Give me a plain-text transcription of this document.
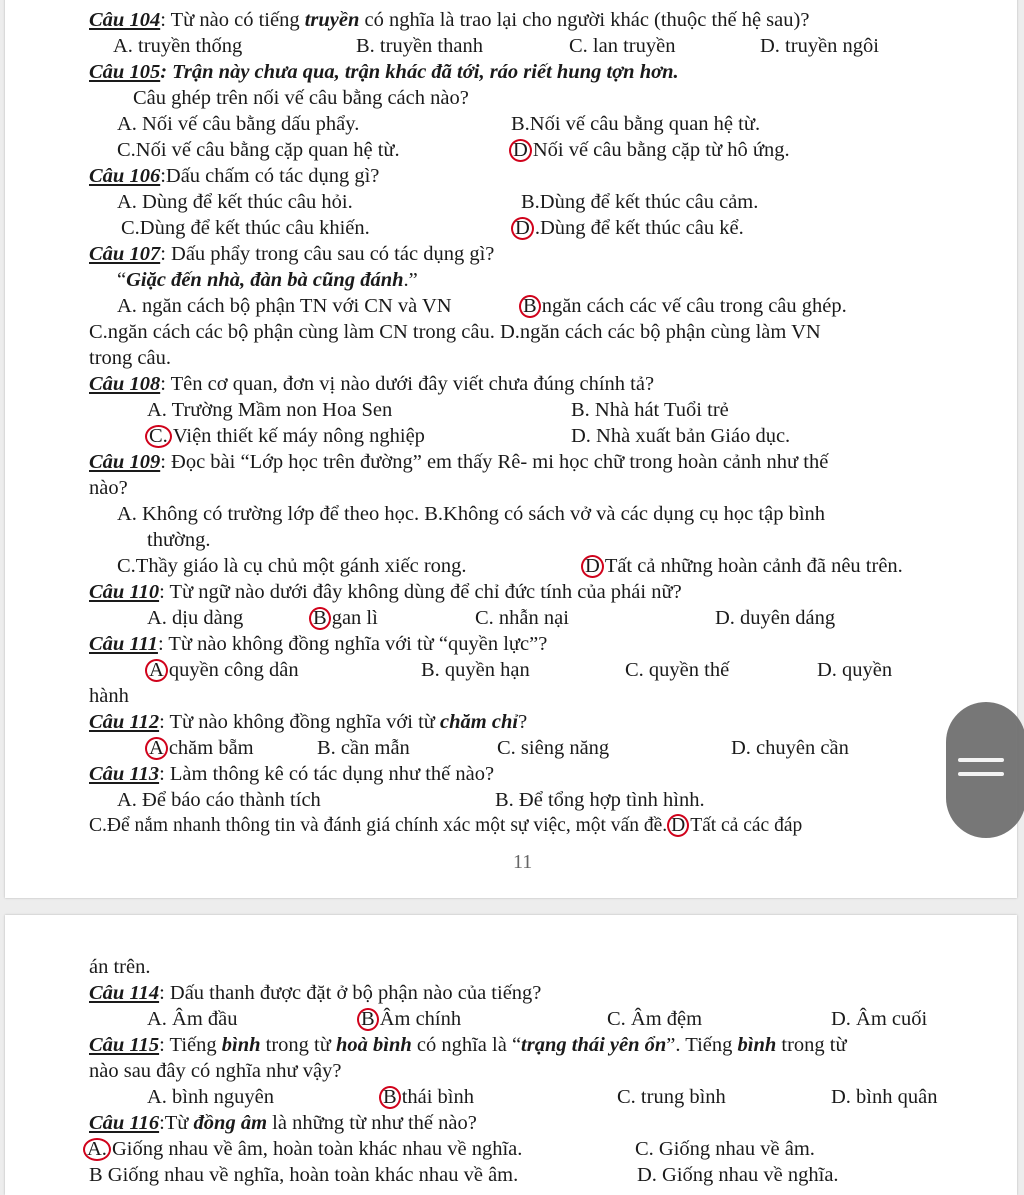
Câu 104: Từ nào có tiếng truyền có nghĩa là trao lại cho người khác (thuộc thế hệ sau)?
A. truyền thống	B. truyền thanh	C. lan truyền	D. truyền ngôi
Câu 105: Trận này chưa qua, trận khác đã tới, ráo riết hung tợn hơn.
Câu ghép trên nối vế câu bằng cách nào?
A. Nối vế câu bằng dấu phẩy.	B.Nối vế câu bằng quan hệ từ.
C.Nối vế câu bằng cặp quan hệ từ.	D Nối vế câu bằng cặp từ hô ứng.
Câu 106:Dấu chấm có tác dụng gì?
A. Dùng để kết thúc câu hỏi.	B.Dùng để kết thúc câu cảm.
C.Dùng để kết thúc câu khiến.	D .Dùng để kết thúc câu kể.
Câu 107: Dấu phẩy trong câu sau có tác dụng gì?
“Giặc đến nhà, đàn bà cũng đánh.”
A. ngăn cách bộ phận TN với CN và VN	B ngăn cách các vế câu trong câu ghép.
C.ngăn cách các bộ phận cùng làm CN trong câu. D.ngăn cách các bộ phận cùng làm VN
trong câu.
Câu 108: Tên cơ quan, đơn vị nào dưới đây viết chưa đúng chính tả?
A. Trường Mầm non Hoa Sen	B. Nhà hát Tuổi trẻ
C. Viện thiết kế máy nông nghiệp	D. Nhà xuất bản Giáo dục.
Câu 109: Đọc bài “Lớp học trên đường” em thấy Rê- mi học chữ trong hoàn cảnh như thế
nào?
A. Không có trường lớp để theo học. B.Không có sách vở và các dụng cụ học tập bình
thường.
C.Thầy giáo là cụ chủ một gánh xiếc rong.	D Tất cả những hoàn cảnh đã nêu trên.
Câu 110: Từ ngữ nào dưới đây không dùng để chỉ đức tính của phái nữ?
A. dịu dàng	B gan lì	C. nhẫn nại	D. duyên dáng
Câu 111: Từ nào không đồng nghĩa với từ “quyền lực”?
A quyền công dân	B. quyền hạn	C. quyền thế	D. quyền
hành
Câu 112: Từ nào không đồng nghĩa với từ chăm chỉ?
A chăm bẵm	B. cần mẫn	C. siêng năng	D. chuyên cần
Câu 113: Làm thông kê có tác dụng như thế nào?
A. Để báo cáo thành tích	B. Để tổng hợp tình hình.
C.Để nắm nhanh thông tin và đánh giá chính xác một sự việc, một vấn đề. D Tất cả các đáp
11
án trên.
Câu 114: Dấu thanh được đặt ở bộ phận nào của tiếng?
A. Âm đầu	B Âm chính	C. Âm đệm	D. Âm cuối
Câu 115: Tiếng bình trong từ hoà bình có nghĩa là “trạng thái yên ổn”. Tiếng bình trong từ
nào sau đây có nghĩa như vậy?
A. bình nguyên	B thái bình	C. trung bình	D. bình quân
Câu 116:Từ đồng âm là những từ như thế nào?
A. Giống nhau về âm, hoàn toàn khác nhau về nghĩa.	C. Giống nhau về âm.
B Giống nhau về nghĩa, hoàn toàn khác nhau về âm.	D. Giống nhau về nghĩa.
